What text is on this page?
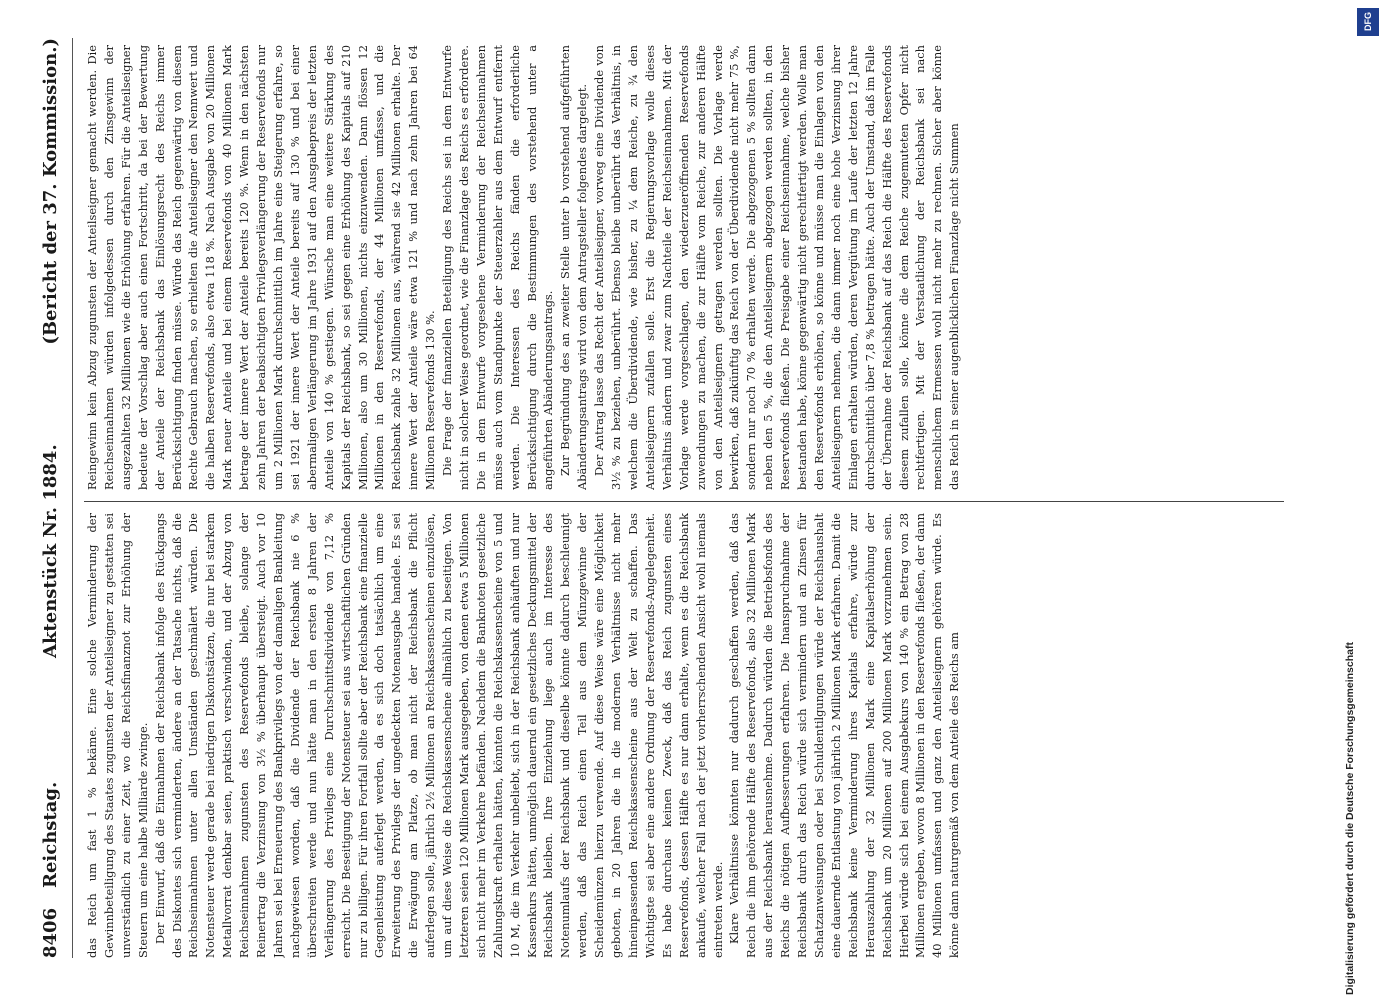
8406
Reichstag.
Aktenstück Nr. 1884.
(Bericht der 37. Kommission.)

das Reich um fast 1 % bekäme. Eine solche Verminderung der Gewinnbeteiligung des Staates zugunsten der Anteilseigner zu gestatten sei unverständlich zu einer Zeit, wo die Reichsfinanznot zur Erhöhung der Steuern um eine halbe Milliarde zwinge. Der Einwurf, daß die Einnahmen der Reichsbank infolge des Rückgangs des Diskontes sich verminderten, ändere an der Tatsache nichts, daß die Reichseinnahmen unter allen Umständen geschmälert würden. Die Notensteuer werde gerade bei niedrigen Diskontsätzen, die nur bei starkem Metallvorrat denkbar seien, praktisch verschwinden, und der Abzug von Reichseinnahmen zugunsten des Reservefonds bleibe, solange der Reinertrag die Verzinsung von 3½ % überhaupt übersteigt. Auch vor 10 Jahren sei bei Erneuerung des Bankprivilegs von der damaligen Bankleitung nachgewiesen worden, daß die Dividende der Reichsbank nie 6 % überschreiten werde und nun hätte man in den ersten 8 Jahren der Verlängerung des Privilegs eine Durchschnittsdividende von 7,12 % erreicht. Die Beseitigung der Notensteuer sei aus wirtschaftlichen Gründen nur zu billigen. Für ihren Fortfall sollte aber der Reichsbank eine finanzielle Gegenleistung auferlegt werden, da es sich doch tatsächlich um eine Erweiterung des Privilegs der ungedeckten Notenausgabe handele. Es sei die Erwägung am Platze, ob man nicht der Reichsbank die Pflicht auferlegen solle, jährlich 2½ Millionen an Reichskassenscheinen einzulösen, um auf diese Weise die Reichskassenscheine allmählich zu beseitigen. Von letzteren seien 120 Millionen Mark ausgegeben, von denen etwa 5 Millionen sich nicht mehr im Verkehre befänden. Nachdem die Banknoten gesetzliche Zahlungskraft erhalten hätten, könnten die Reichskassenscheine von 5 und 10 M, die im Verkehr unbeliebt, sich in der Reichsbank anhäuften und nur Kassenkurs hätten, unmöglich dauernd ein gesetzliches Deckungsmittel der Reichsbank bleiben. Ihre Einziehung liege auch im Interesse des Notenumlaufs der Reichsbank und dieselbe könnte dadurch beschleunigt werden, daß das Reich einen Teil aus dem Münzgewinne der Scheidemünzen hierzu verwende. Auf diese Weise wäre eine Möglichkeit geboten, in 20 Jahren die in die modernen Verhältnisse nicht mehr hineinpassenden Reichskassenscheine aus der Welt zu schaffen. Das Wichtigste sei aber eine andere Ordnung der Reservefonds-Angelegenheit. Es habe durchaus keinen Zweck, daß das Reich zugunsten eines Reservefonds, dessen Hälfte es nur dann erhalte, wenn es die Reichsbank ankaufe, welcher Fall nach der jetzt vorherrschenden Ansicht wohl niemals eintreten werde. Klare Verhältnisse könnten nur dadurch geschaffen werden, daß das Reich die ihm gehörende Hälfte des Reservefonds, also 32 Millionen Mark aus der Reichsbank herausnehme. Dadurch würden die Betriebsfonds des Reichs die nötigen Aufbesserungen erfahren. Die Inanspruchnahme der Reichsbank durch das Reich würde sich vermindern und an Zinsen für Schatzanweisungen oder bei Schuldentilgungen würde der Reichshaushalt eine dauernde Entlastung von jährlich 2 Millionen Mark erfahren. Damit die Reichsbank keine Verminderung ihres Kapitals erfahre, würde zur Herauszahlung der 32 Millionen Mark eine Kapitalserhöhung der Reichsbank um 20 Millionen auf 200 Millionen Mark vorzunehmen sein. Hierbei würde sich bei einem Ausgabekurs von 140 % ein Betrag von 28 Millionen ergeben, wovon 8 Millionen in den Reservefonds fließen, der dann 40 Millionen umfassen und ganz den Anteilseignern gehören würde. Es könne dann naturgemäß von dem Anteile des Reichs am

Reingewinn kein Abzug zugunsten der Anteilseigner gemacht werden. Die Reichseinnahmen würden infolgedessen durch den Zinsgewinn der ausgezahlten 32 Millionen wie die Erhöhung erfahren. Für die Anteilseigner bedeute der Vorschlag aber auch einen Fortschritt, da bei der Bewertung der Anteile der Reichsbank das Einlösungsrecht des Reichs immer Berücksichtigung finden müsse. Würde das Reich gegenwärtig von diesem Rechte Gebrauch machen, so erhielten die Anteilseigner den Nennwert und die halben Reservefonds, also etwa 118 %. Nach Ausgabe von 20 Millionen Mark neuer Anteile und bei einem Reservefonds von 40 Millionen Mark betrage der innere Wert der Anteile bereits 120 %. Wenn in den nächsten zehn Jahren der beabsichtigten Privilegsverlängerung der Reservefonds nur um 2 Millionen Mark durchschnittlich im Jahre eine Steigerung erfahre, so sei 1921 der innere Wert der Anteile bereits auf 130 % und bei einer abermaligen Verlängerung im Jahre 1931 auf den Ausgabepreis der letzten Anteile von 140 % gestiegen. Wünsche man eine weitere Stärkung des Kapitals der Reichsbank, so sei gegen eine Erhöhung des Kapitals auf 210 Millionen, also um 30 Millionen, nichts einzuwenden. Dann flössen 12 Millionen in den Reservefonds, der 44 Millionen umfasse, und die Reichsbank zahle 32 Millionen aus, während sie 42 Millionen erhalte. Der innere Wert der Anteile wäre etwa 121 % und nach zehn Jahren bei 64 Millionen Reservefonds 130 %. Die Frage der finanziellen Beteiligung des Reichs sei in dem Entwurfe nicht in solcher Weise geordnet, wie die Finanzlage des Reichs es erfordere. Die in dem Entwurfe vorgesehene Verminderung der Reichseinnahmen müsse auch vom Standpunkte der Steuerzahler aus dem Entwurf entfernt werden. Die Interessen des Reichs fänden die erforderliche Berücksichtigung durch die Bestimmungen des vorstehend unter a angeführten Abänderungsantrags. Zur Begründung des an zweiter Stelle unter b vorstehend aufgeführten Abänderungsantrags wird von dem Antragsteller folgendes dargelegt. Der Antrag lasse das Recht der Anteilseigner, vorweg eine Dividende von 3½ % zu beziehen, unberührt. Ebenso bleibe unberührt das Verhältnis, in welchem die Überdividende, wie bisher, zu ¼ dem Reiche, zu ¾ den Anteilseignern zufallen solle. Erst die Regierungsvorlage wolle dieses Verhältnis ändern und zwar zum Nachteile der Reichseinnahmen. Mit der Vorlage werde vorgeschlagen, den wiederzueröffnenden Reservefonds zuwendungen zu machen, die zur Hälfte vom Reiche, zur anderen Hälfte von den Anteilseignern getragen werden sollten. Die Vorlage werde bewirken, daß zukünftig das Reich von der Überdividende nicht mehr 75 %, sondern nur noch 70 % erhalten werde. Die abgezogenen 5 % sollten dann neben den 5 %, die den Anteilseignern abgezogen werden sollten, in den Reservefonds fließen. Die Preisgabe einer Reichseinnahme, welche bisher bestanden habe, könne gegenwärtig nicht gerechtfertigt werden. Wolle man den Reservefonds erhöhen, so könne und müsse man die Einlagen von den Anteilseignern nehmen, die dann immer noch eine hohe Verzinsung ihrer Einlagen erhalten würden, deren Vergütung im Laufe der letzten 12 Jahre durchschnittlich über 7,8 % betragen hätte. Auch der Umstand, daß im Falle der Übernahme der Reichsbank auf das Reich die Hälfte des Reservefonds diesem zufallen solle, könne die dem Reiche zugemuteten Opfer nicht rechtfertigen. Mit der Verstaatlichung der Reichsbank sei nach menschlichem Ermessen wohl nicht mehr zu rechnen. Sicher aber könne das Reich in seiner augenblicklichen Finanzlage nicht Summen

Digitalisierung gefördert durch die Deutsche Forschungsgemeinschaft
DFG
